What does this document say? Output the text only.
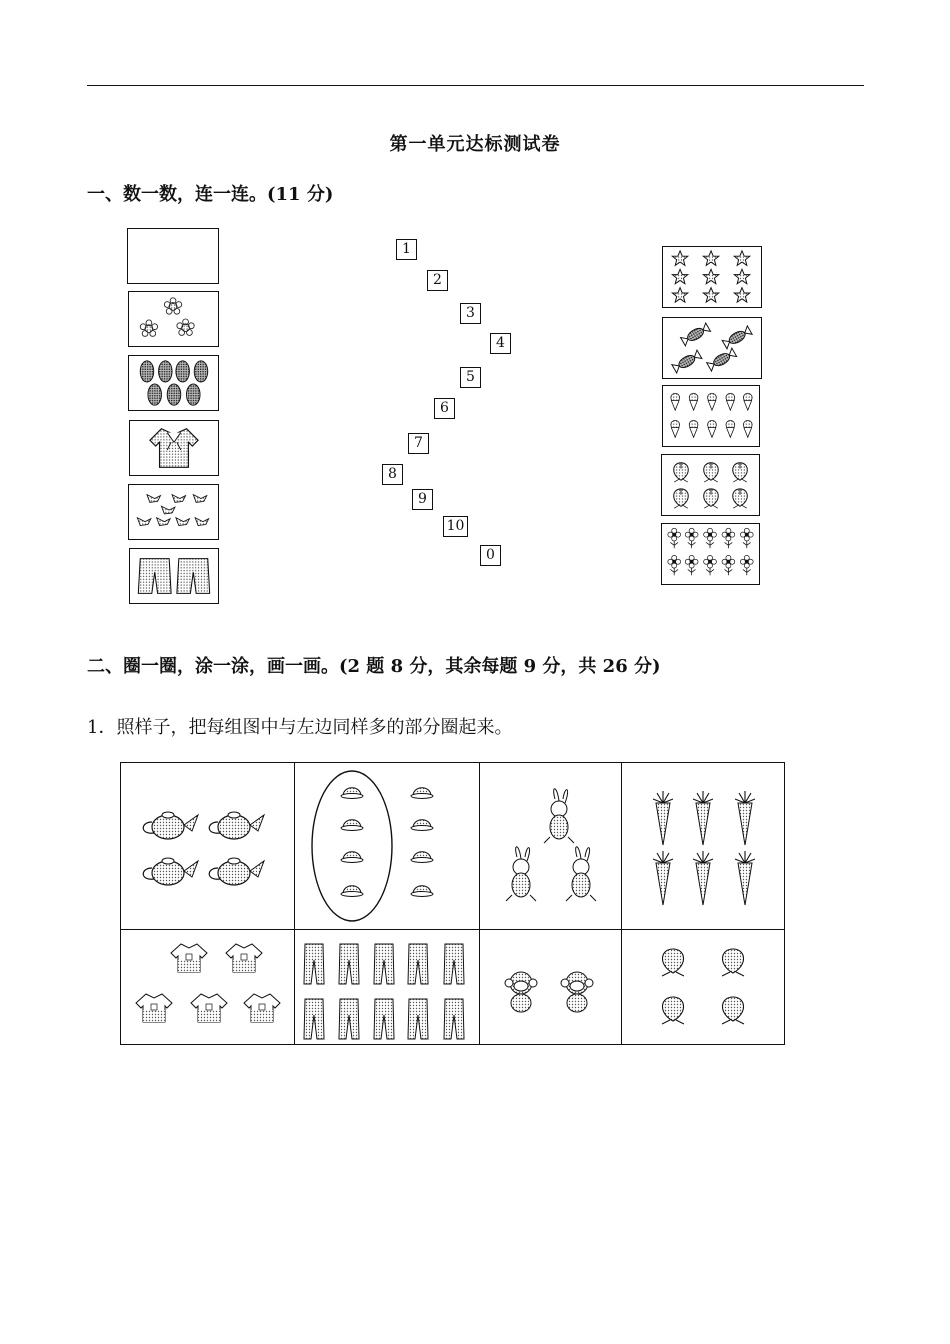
第一单元达标测试卷
一、数一数，连一连。(11 分)
1
2
3
4
5
6
7
8
9
10
0
二、圈一圈，涂一涂，画一画。(2 题 8 分，其余每题 9 分，共 26 分)
1．照样子，把每组图中与左边同样多的部分圈起来。
